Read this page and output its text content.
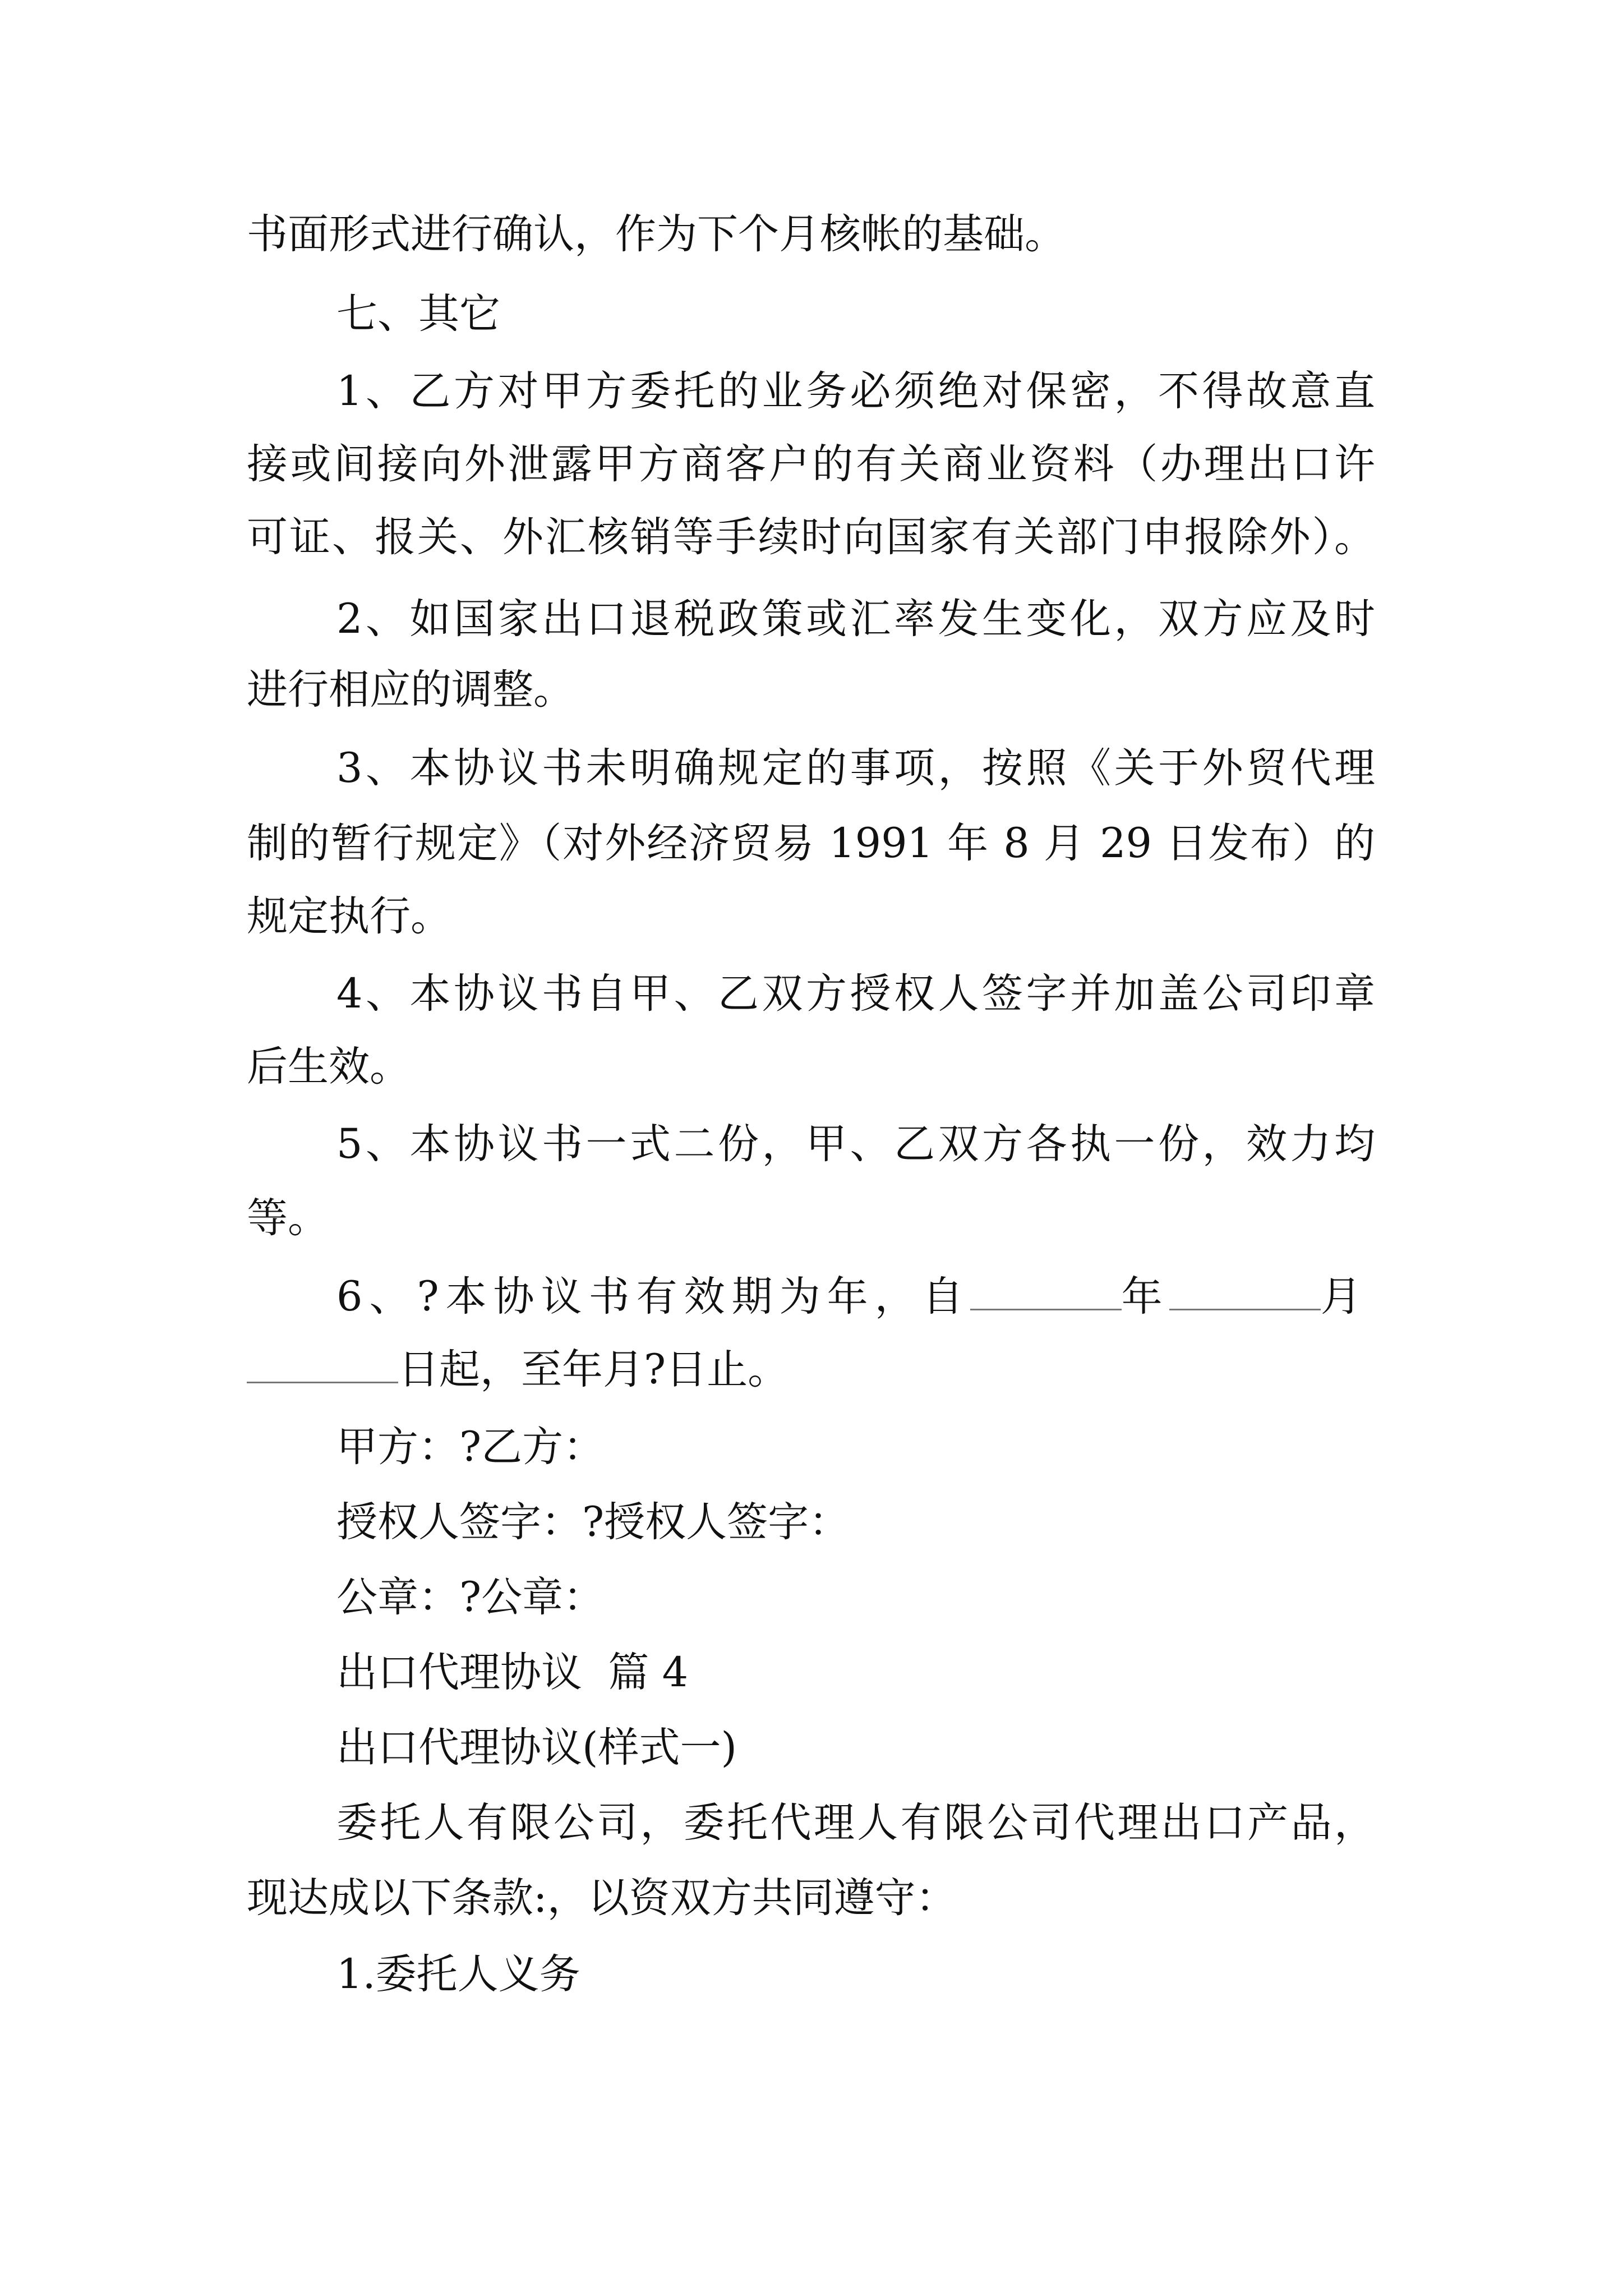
书面形式进行确认，作为下个月核帐的基础。
七、其它
1、乙方对甲方委托的业务必须绝对保密，不得故意直
接或间接向外泄露甲方商客户的有关商业资料（办理出口许
可证、报关、外汇核销等手续时向国家有关部门申报除外）。
2、如国家出口退税政策或汇率发生变化，双方应及时
进行相应的调整。
3、本协议书未明确规定的事项，按照《关于外贸代理
制的暂行规定》（对外经济贸易 1991 年 8 月 29 日发布）的
规定执行。
4、本协议书自甲、乙双方授权人签字并加盖公司印章
后生效。
5、本协议书一式二份，甲、乙双方各执一份，效力均
等。
6、?本协议书有效期为年，自	年	月
日起，至年月?日止。
甲方：?乙方：
授权人签字：?授权人签字：
公章：?公章：
出口代理协议  篇 4
出口代理协议(样式一)
委托人有限公司，委托代理人有限公司代理出口产品，
现达成以下条款:，以资双方共同遵守：
1.委托人义务
